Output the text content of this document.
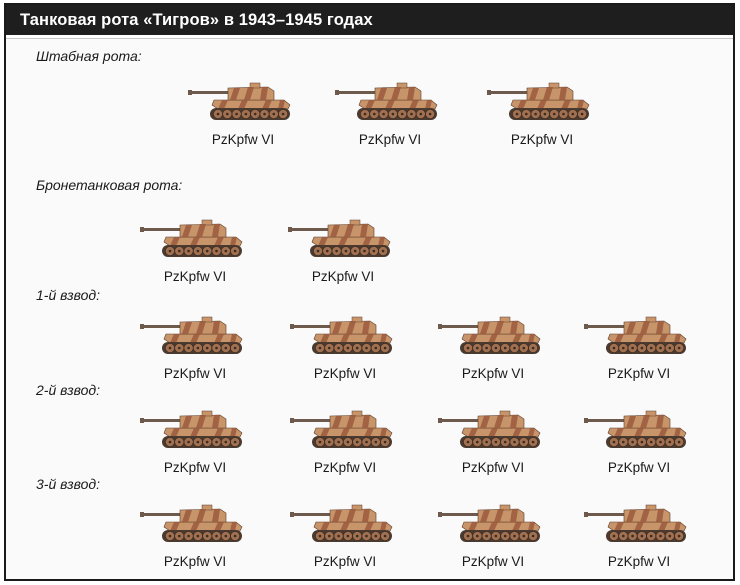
Танковая рота «Тигров» в 1943–1945 годах
Штабная рота:
Бронетанковая рота:
1-й взвод:
2-й взвод:
3-й взвод:
PzKpfw VI	PzKpfw VI	PzKpfw VI
PzKpfw VI	PzKpfw VI
PzKpfw VI	PzKpfw VI	PzKpfw VI	PzKpfw VI
PzKpfw VI	PzKpfw VI	PzKpfw VI	PzKpfw VI
PzKpfw VI	PzKpfw VI	PzKpfw VI	PzKpfw VI
